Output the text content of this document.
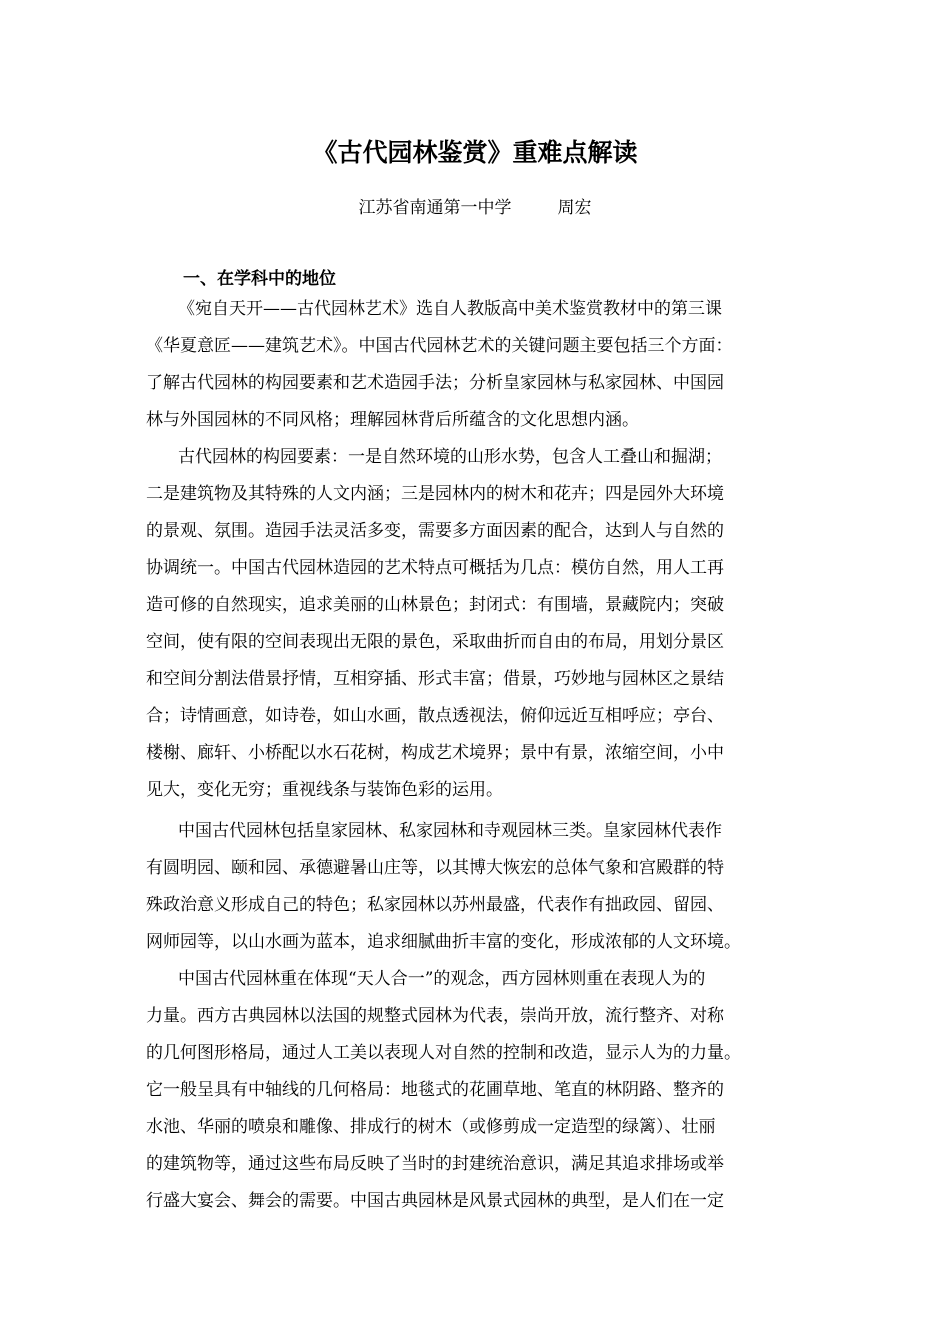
《古代园林鉴赏》重难点解读
江苏省南通第一中学	周宏
一、在学科中的地位
《宛自天开——古代园林艺术》选自人教版高中美术鉴赏教材中的第三课
《华夏意匠——建筑艺术》。中国古代园林艺术的关键问题主要包括三个方面：
了解古代园林的构园要素和艺术造园手法；分析皇家园林与私家园林、中国园
林与外国园林的不同风格；理解园林背后所蕴含的文化思想内涵。
古代园林的构园要素：一是自然环境的山形水势，包含人工叠山和掘湖；
二是建筑物及其特殊的人文内涵；三是园林内的树木和花卉；四是园外大环境
的景观、氛围。造园手法灵活多变，需要多方面因素的配合，达到人与自然的
协调统一。中国古代园林造园的艺术特点可概括为几点：模仿自然，用人工再
造可修的自然现实，追求美丽的山林景色；封闭式：有围墙，景藏院内；突破
空间，使有限的空间表现出无限的景色，采取曲折而自由的布局，用划分景区
和空间分割法借景抒情，互相穿插、形式丰富；借景，巧妙地与园林区之景结
合；诗情画意，如诗卷，如山水画，散点透视法，俯仰远近互相呼应；亭台、
楼榭、廊轩、小桥配以水石花树，构成艺术境界；景中有景，浓缩空间，小中
见大，变化无穷；重视线条与装饰色彩的运用。
中国古代园林包括皇家园林、私家园林和寺观园林三类。皇家园林代表作
有圆明园、颐和园、承德避暑山庄等，以其博大恢宏的总体气象和宫殿群的特
殊政治意义形成自己的特色；私家园林以苏州最盛，代表作有拙政园、留园、
网师园等，以山水画为蓝本，追求细腻曲折丰富的变化，形成浓郁的人文环境。
中国古代园林重在体现“天人合一”的观念，西方园林则重在表现人为的
力量。西方古典园林以法国的规整式园林为代表，崇尚开放，流行整齐、对称
的几何图形格局，通过人工美以表现人对自然的控制和改造，显示人为的力量。
它一般呈具有中轴线的几何格局：地毯式的花圃草地、笔直的林阴路、整齐的
水池、华丽的喷泉和雕像、排成行的树木（或修剪成一定造型的绿篱）、壮丽
的建筑物等，通过这些布局反映了当时的封建统治意识，满足其追求排场或举
行盛大宴会、舞会的需要。中国古典园林是风景式园林的典型，是人们在一定
